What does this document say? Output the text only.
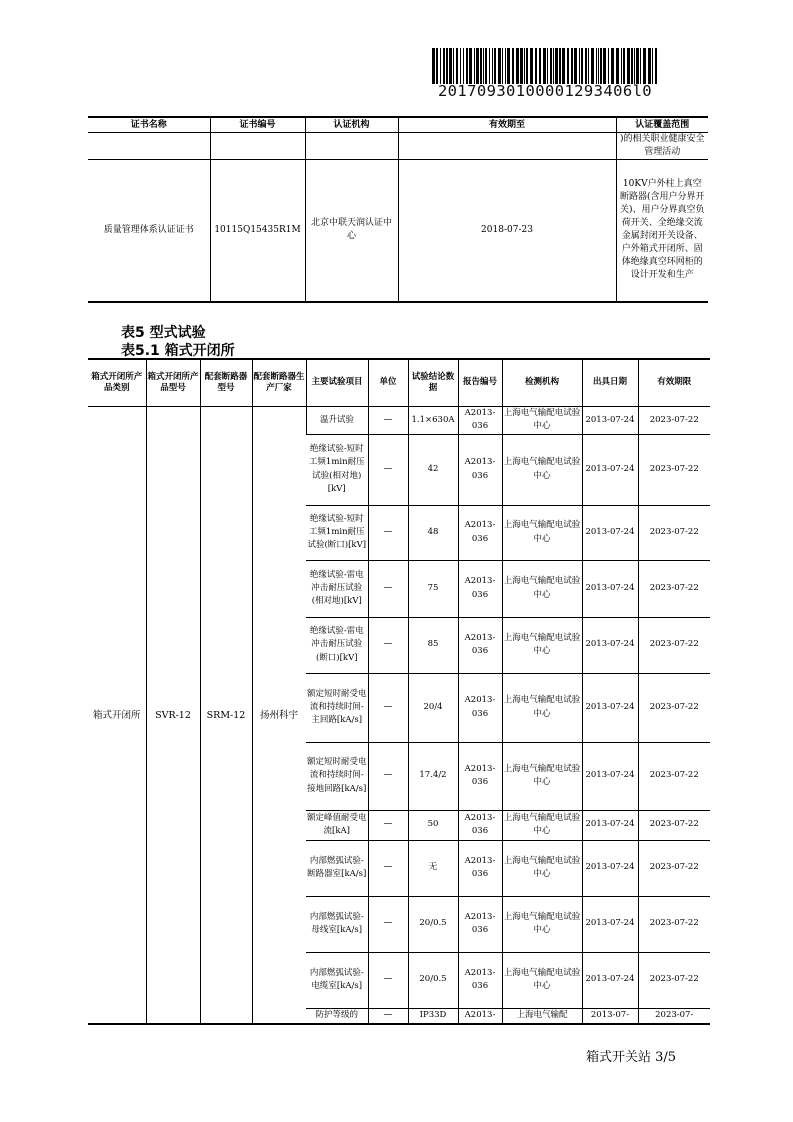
20170930100001293406l0
证书名称	证书编号	认证机构	有效期至	认证覆盖范围
				)的相关职业健康安全管理活动
质量管理体系认证证书	10115Q15435R1M	北京中联天润认证中心	2018-07-23	10KV户外柱上真空断路器(含用户分界开关)、用户分界真空负荷开关、全绝缘交流金属封闭开关设备、户外箱式开闭所、固体绝缘真空环网柜的设计开发和生产
表5 型式试验
表5.1 箱式开闭所
箱式开闭所产品类别	箱式开闭所产品型号	配套断路器型号	配套断路器生产厂家	主要试验项目	单位	试验结论数据	报告编号	检测机构	出具日期	有效期限
箱式开闭所	SVR-12	SRM-12	扬州科宇	温升试验	—	1.1×630A	A2013-036	上海电气输配电试验中心	2013-07-24	2023-07-22
				绝缘试验-短时工频1min耐压试验(相对地)[kV]	—	42	A2013-036	上海电气输配电试验中心	2013-07-24	2023-07-22
				绝缘试验-短时工频1min耐压试验(断口)[kV]	—	48	A2013-036	上海电气输配电试验中心	2013-07-24	2023-07-22
				绝缘试验-雷电冲击耐压试验(相对地)[kV]	—	75	A2013-036	上海电气输配电试验中心	2013-07-24	2023-07-22
				绝缘试验-雷电冲击耐压试验(断口)[kV]	—	85	A2013-036	上海电气输配电试验中心	2013-07-24	2023-07-22
				额定短时耐受电流和持续时间-主回路[kA/s]	—	20/4	A2013-036	上海电气输配电试验中心	2013-07-24	2023-07-22
				额定短时耐受电流和持续时间-接地回路[kA/s]	—	17.4/2	A2013-036	上海电气输配电试验中心	2013-07-24	2023-07-22
				额定峰值耐受电流[kA]	—	50	A2013-036	上海电气输配电试验中心	2013-07-24	2023-07-22
				内部燃弧试验-断路器室[kA/s]	—	无	A2013-036	上海电气输配电试验中心	2013-07-24	2023-07-22
				内部燃弧试验-母线室[kA/s]	—	20/0.5	A2013-036	上海电气输配电试验中心	2013-07-24	2023-07-22
				内部燃弧试验-电缆室[kA/s]	—	20/0.5	A2013-036	上海电气输配电试验中心	2013-07-24	2023-07-22
				防护等级的	—	IP33D	A2013-	上海电气输配	2013-07-	2023-07-
箱式开关站 3/5
